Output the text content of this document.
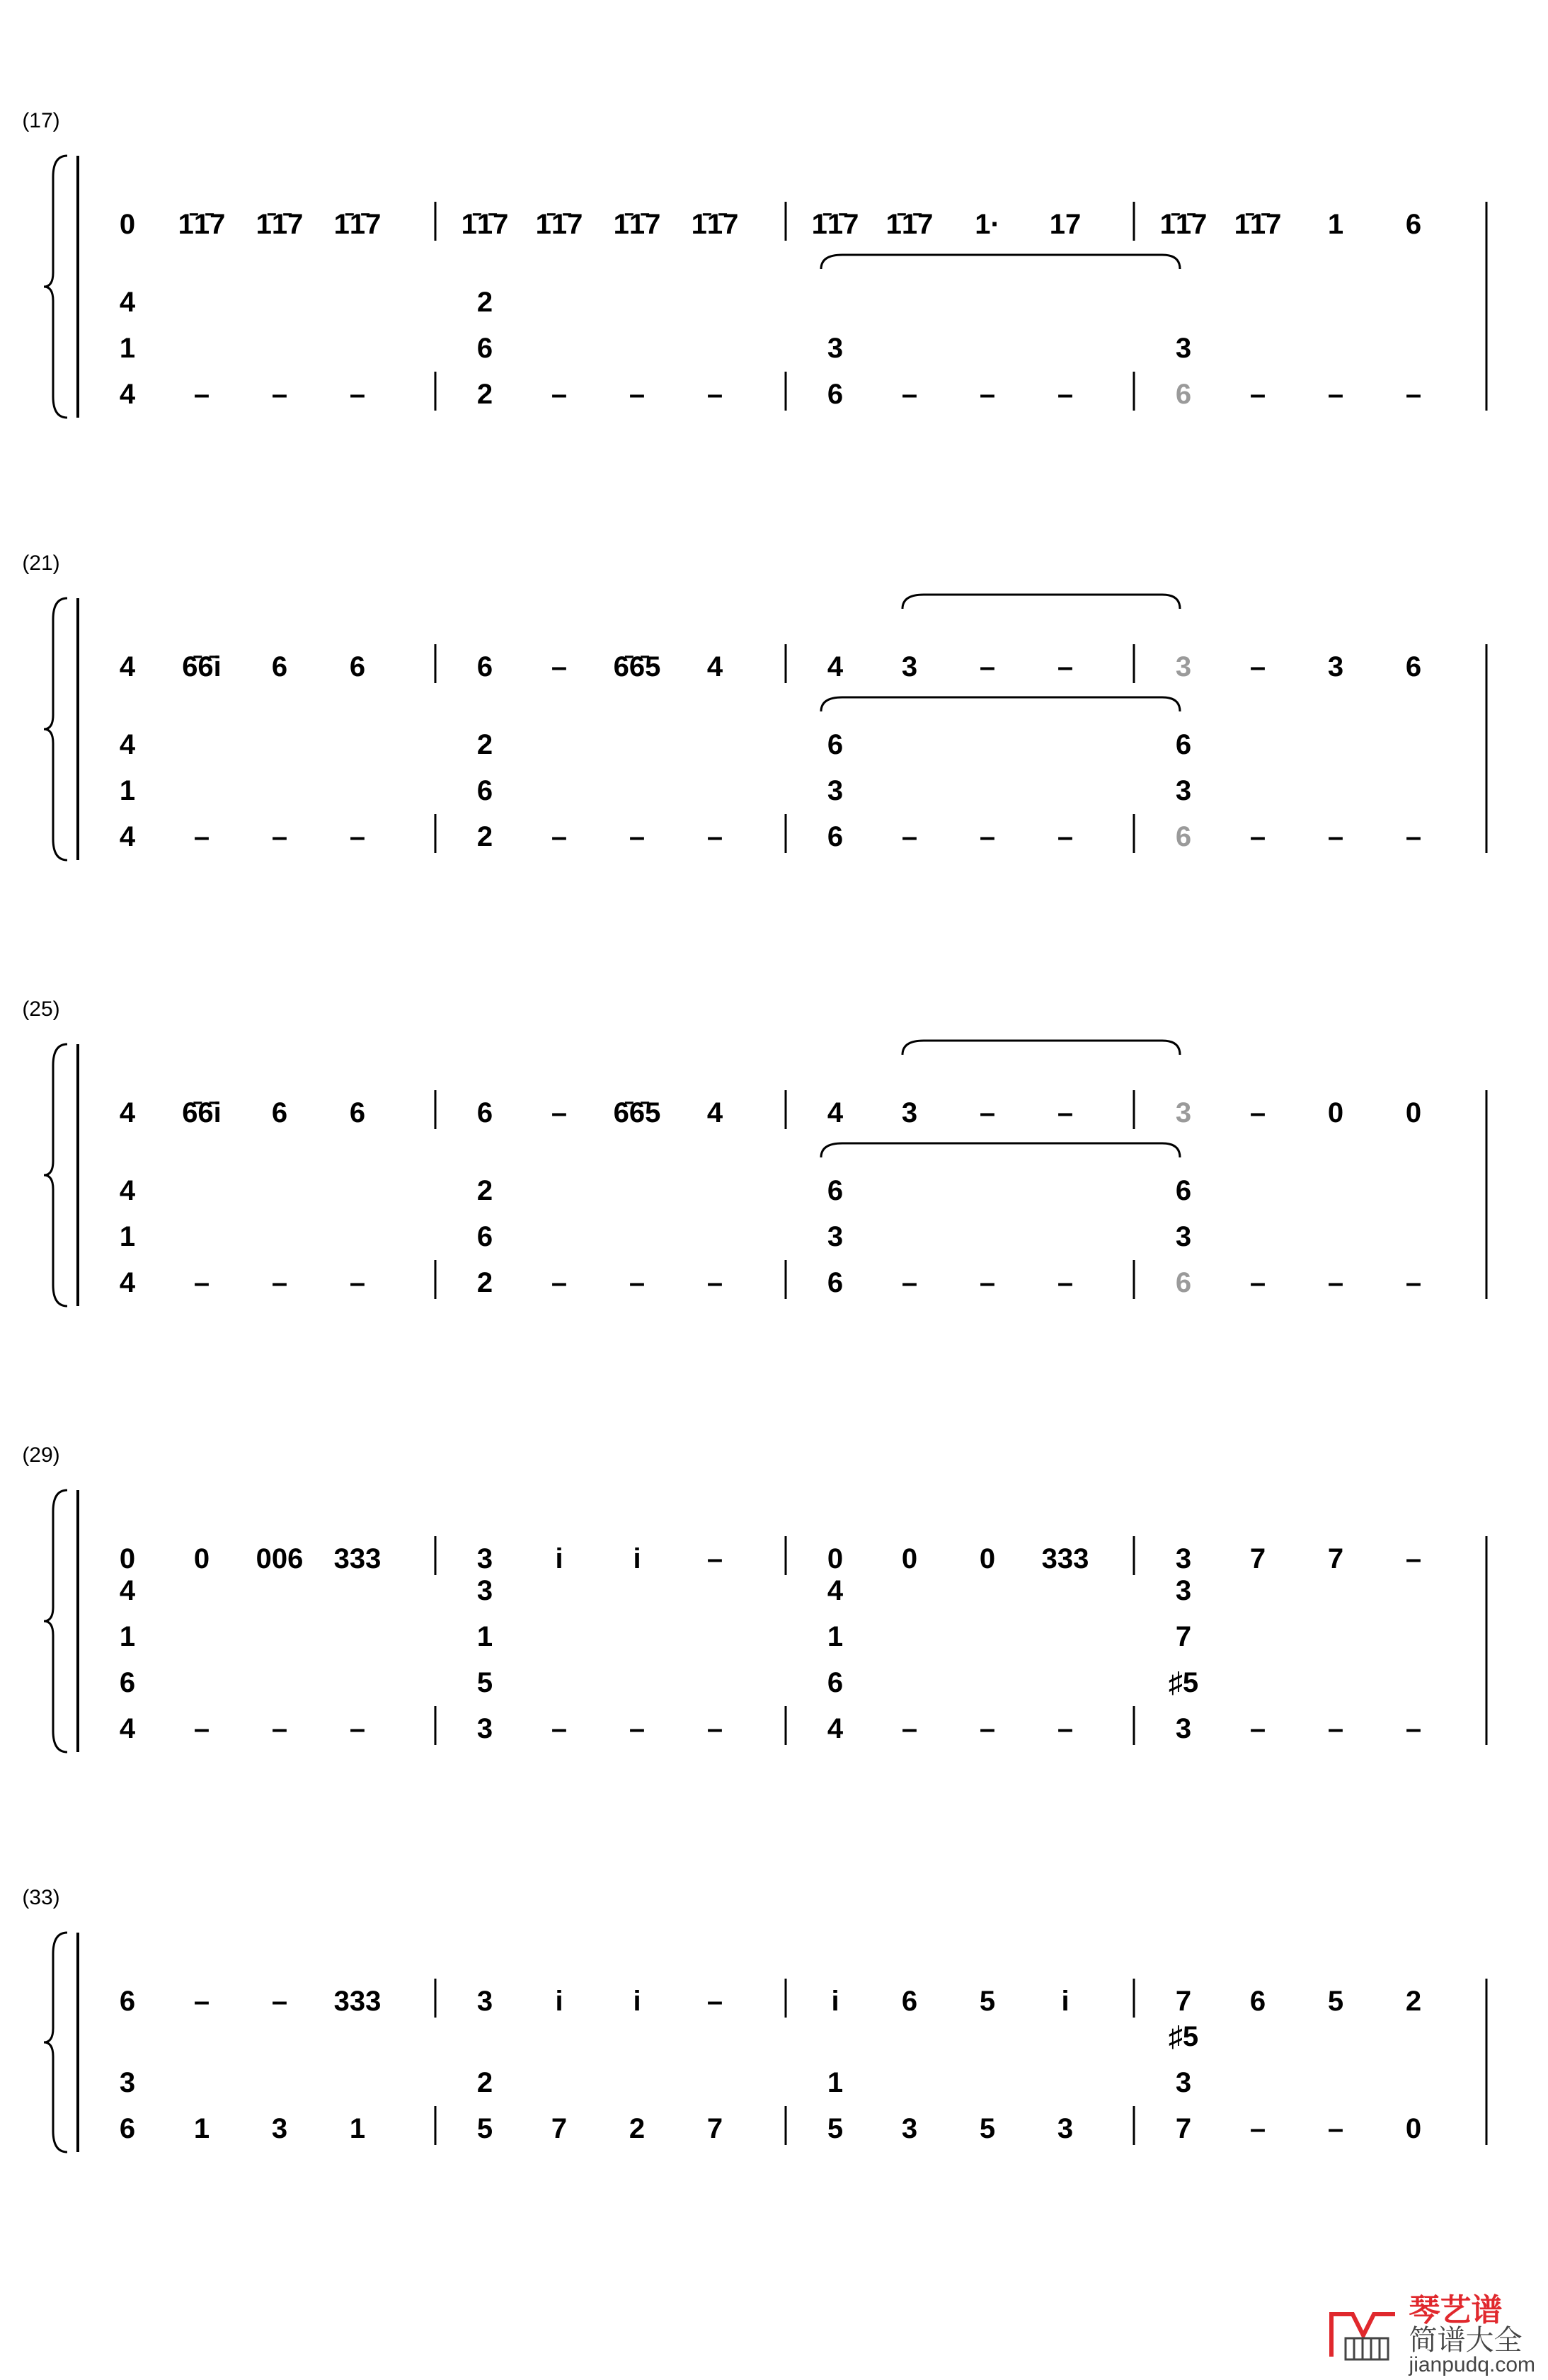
(17)
0
4
1̄1̄7
–
1̄1̄7
–
1̄1̄7
–
4
1
1̄1̄7
2
1̄1̄7
–
1̄1̄7
–
1̄1̄7
–
2
6
1̄1̄7
6
1̄1̄7
–
1·
–
17
–
3
1̄1̄7
6
1̄1̄7
–
1
–
6
–
3
(21)
4
4
6̄6̄i
–
6
–
6
–
4
1
6
2
–
–
6̄6̄5
–
4
–
2
6
4
6
3
–
–
–
–
–
6
3
3
6
–
–
3
–
6
–
6
3
(25)
4
4
6̄6̄i
–
6
–
6
–
4
1
6
2
–
–
6̄6̄5
–
4
–
2
6
4
6
3
–
–
–
–
–
6
3
3
6
–
–
0
–
0
–
6
3
(29)
0
4
0
–
006
–
333
–
4
1
6
3
3
i
–
i
–
–
–
3
1
5
0
4
0
–
0
–
333
–
4
1
6
3
3
7
–
7
–
–
–
3
7
♯5
(33)
6
6
–
1
–
3
333
1
3
3
5
i
7
i
2
–
7
2
i
5
6
3
5
5
i
3
1
7
7
6
–
5
–
2
0
♯5
3
琴艺谱
简谱大全
jianpudq.com
